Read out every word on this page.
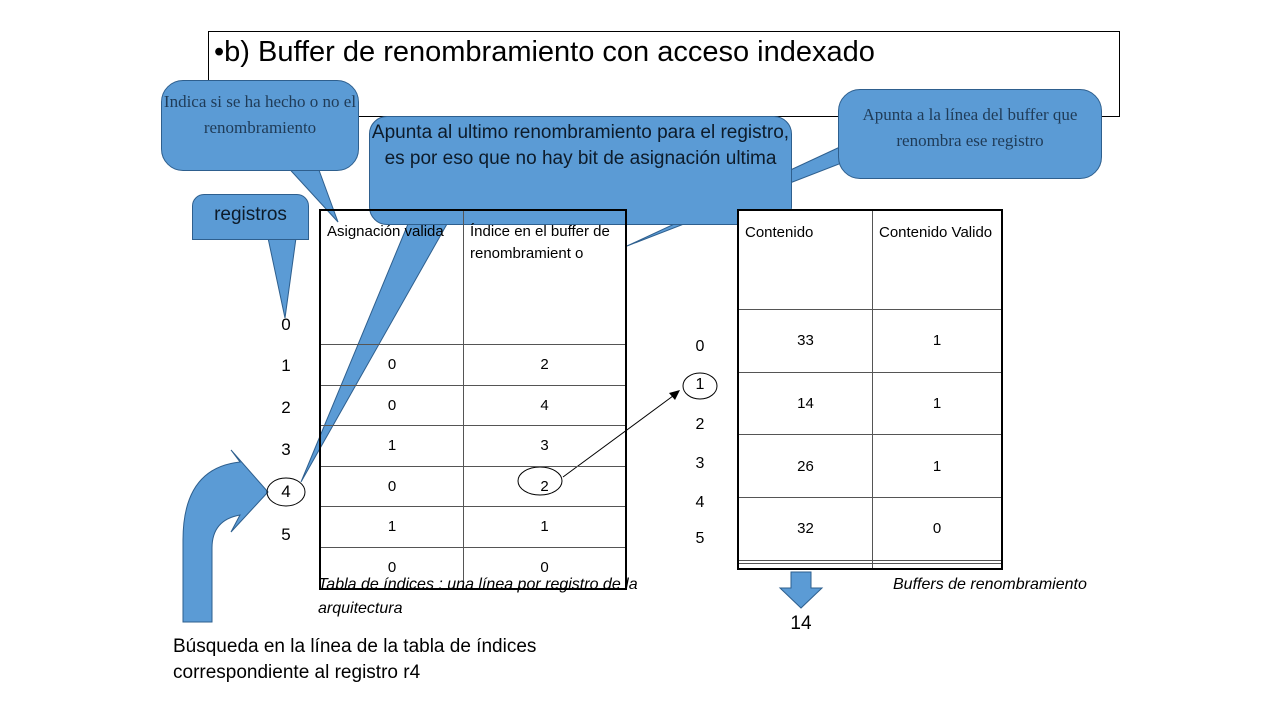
•b) Buffer de renombramiento con acceso indexado
Indica si se ha hecho o no el renombramiento	Apunta al ultimo renombramiento para el registro, es por eso que no hay bit de asignación ultima
Apunta a la línea del buffer que renombra ese registro
registros
0
1
2
3
4
5
Asignación valida	Índice en el buffer de renombramient o
0	2
0	4
1	3
0	2
1	1
0	0
Tabla de índices : una línea por registro de la arquitectura
0
1
2
3
4
5
Contenido	Contenido Valido
33	1
14	1
26	1
32	0

Buffers de renombramiento
14
Búsqueda en la línea de la tabla de índices correspondiente al registro r4
